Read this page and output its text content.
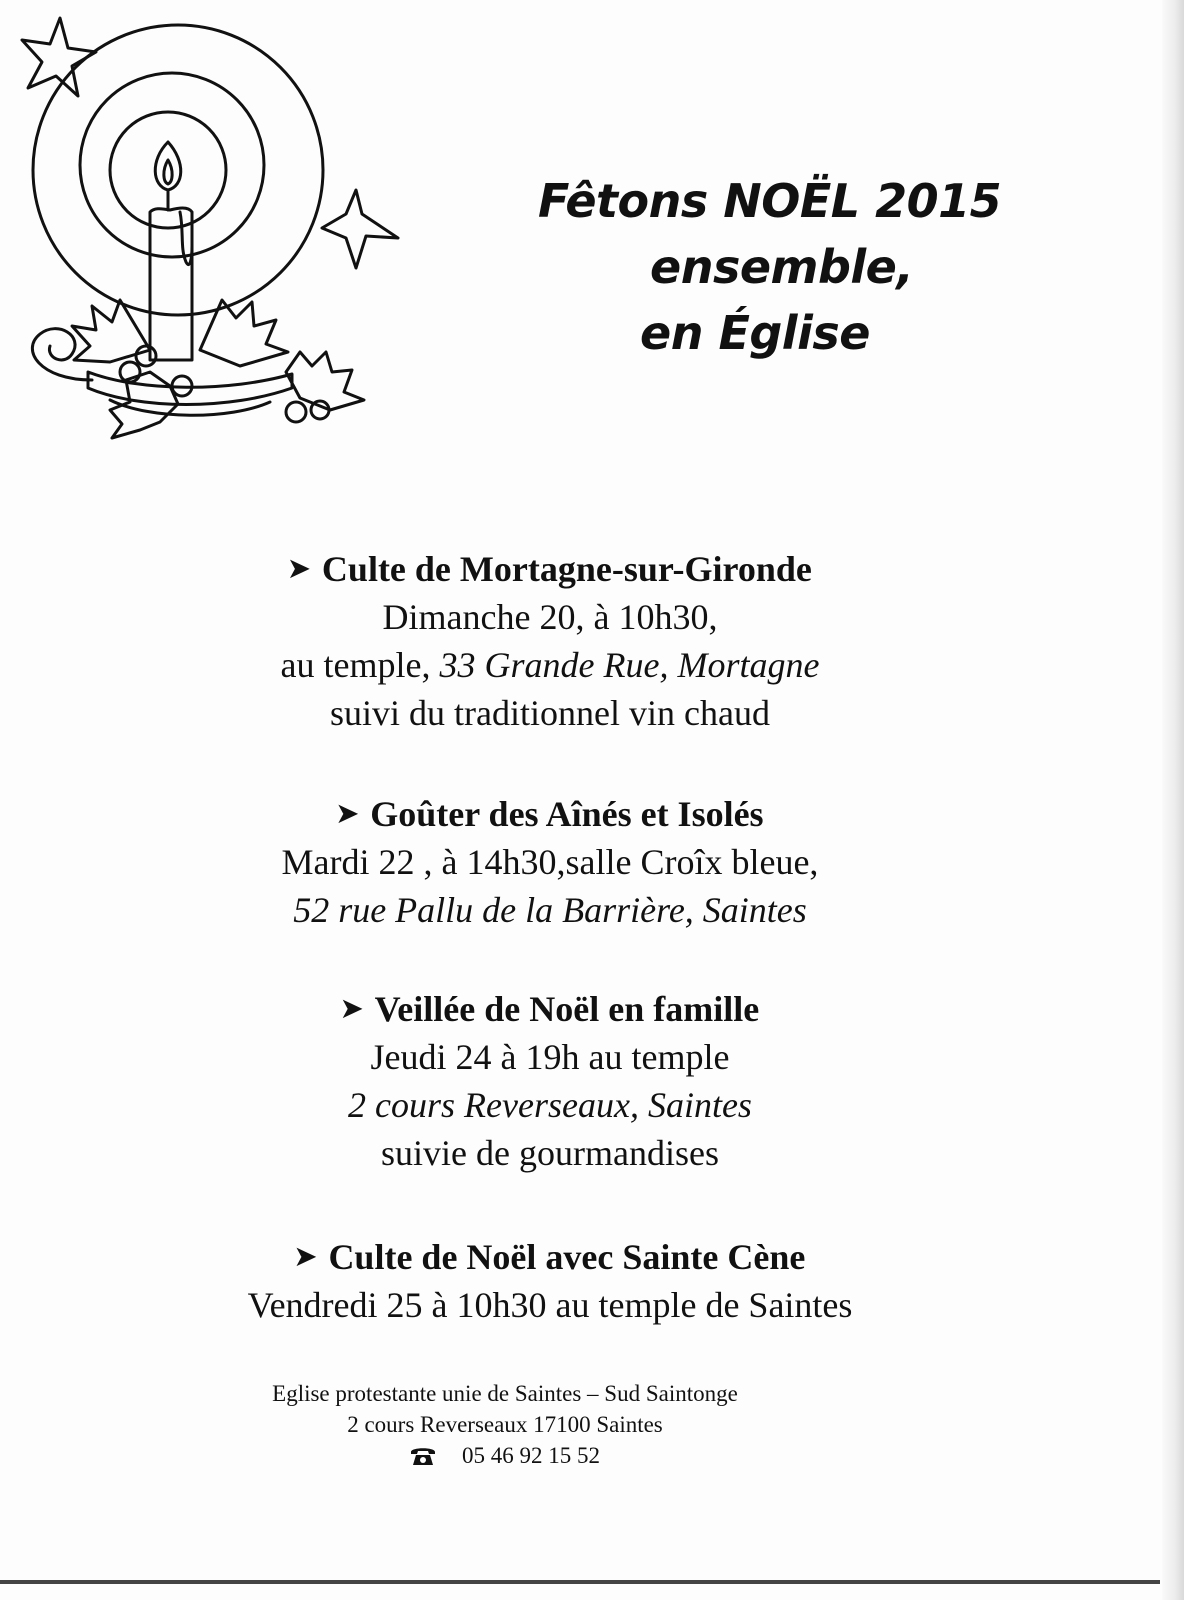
Fêtons NOËL 2015
ensemble,
en Église
➤ Culte de Mortagne-sur-Gironde
Dimanche 20, à 10h30,
au temple, 33 Grande Rue, Mortagne
suivi du traditionnel vin chaud
➤ Goûter des Aînés et Isolés
Mardi 22 , à 14h30,salle Croîx bleue,
52 rue Pallu de la Barrière, Saintes
➤ Veillée de Noël en famille
Jeudi 24 à 19h au temple
2 cours Reverseaux, Saintes
suivie de gourmandises
➤ Culte de Noël avec Sainte Cène
Vendredi 25 à 10h30 au temple de Saintes
Eglise protestante unie de Saintes – Sud Saintonge
2 cours Reverseaux 17100 Saintes
05 46 92 15 52
